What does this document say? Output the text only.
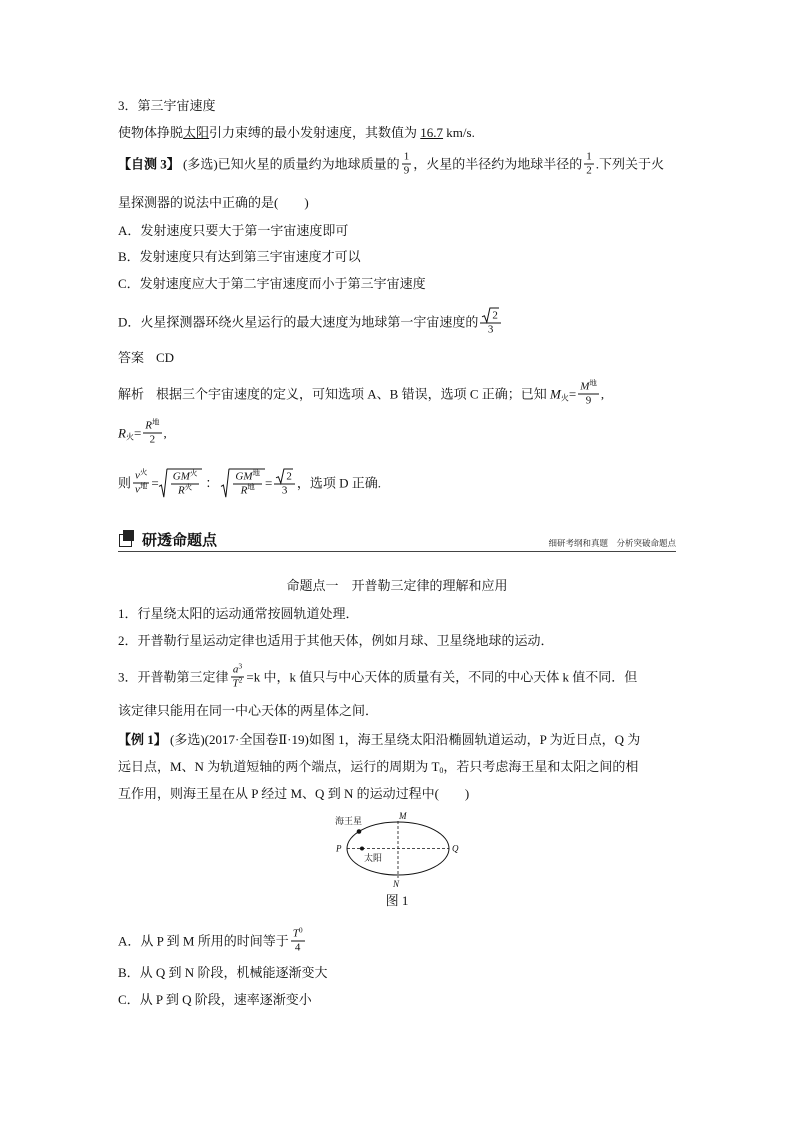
3．第三宇宙速度
使物体挣脱 太阳 引力束缚的最小发射速度，其数值为 16.7 km/s.
【自测 3】 (多选)已知火星的质量约为地球质量的 $\frac{1}{9}$ ，火星的半径约为地球半径的 $\frac{1}{2}$ .下列关于火
星探测器的说法中正确的是(　　)
A．发射速度只要大于第一宇宙速度即可
B．发射速度只有达到第三宇宙速度才可以
C．发射速度应大于第二宇宙速度而小于第三宇宙速度
D．火星探测器环绕火星运行的最大速度为地球第一宇宙速度的 $\frac{2}{3}$
答案 CD
解析 根据三个宇宙速度的定义，可知选项 A、B 错误，选项 C 正确；已知 M 火 = $\frac{\text{M 地}}{9}$ ,
R 火 = $\frac{\text{R 地}}{2}$ ,
则 $\frac{\text{v 火}}{\text{v 地}} = \frac{\text{GM 火}}{\text{R 火}}$ ： $\frac{\text{GM 地}}{\text{R 地}} = \frac{2}{3}$ ，选项 D 正确.
研透命题点	细研考纲和真题　分析突破命题点
命题点一　开普勒三定律的理解和应用
1．行星绕太阳的运动通常按圆轨道处理．
2．开普勒行星运动定律也适用于其他天体，例如月球、卫星绕地球的运动．
3．开普勒第三定律 $\frac{a 3}{T 2} =k$ 中，k 值只与中心天体的质量有关，不同的中心天体 k 值不同．但
该定律只能用在同一中心天体的两星体之间．
【例 1】 (多选)(2017·全国卷Ⅱ·19)如图 1，海王星绕太阳沿椭圆轨道运动，P 为近日点，Q 为
远日点，M、N 为轨道短轴的两个端点，运行的周期为 T 0 ，若只考虑海王星和太阳之间的相
互作用，则海王星在从 P 经过 M、Q 到 N 的运动过程中(　　)
海王星
太阳
P	Q
M
N
图 1
A．从 P 到 M 所用的时间等于 $\frac{T 0}{4}$
B．从 Q 到 N 阶段，机械能逐渐变大
C．从 P 到 Q 阶段，速率逐渐变小
